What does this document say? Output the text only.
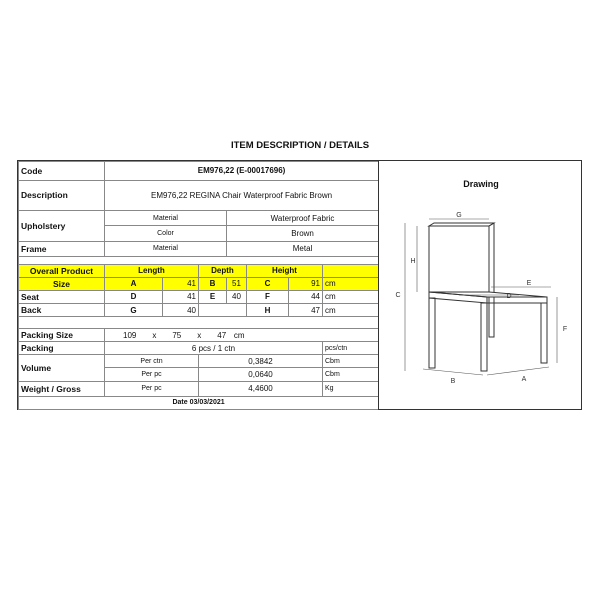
ITEM DESCRIPTION / DETAILS
Code	EM976,22 (E-00017696)						
Description	EM976,22 REGINA Chair Waterproof Fabric Brown						
Upholstery	Material			Waterproof Fabric			
	Color			Brown			
Frame	Material			Metal			

Overall Product	Length		Depth		Height		
Size	A	41	B	51	C	91	cm
Seat	D	41	E	40	F	44	cm
Back	G	40			H	47	cm

Packing Size	109 x 75 x 47 cm						
Packing	6 pcs / 1 ctn						pcs/ctn
Volume	Per ctn		0,3842				Cbm
	Per pc		0,0640				Cbm
Weight / Gross	Per pc		4,4600				Kg
Date 03/03/2021							
Drawing
G
H
C
E
D
F
B	A
